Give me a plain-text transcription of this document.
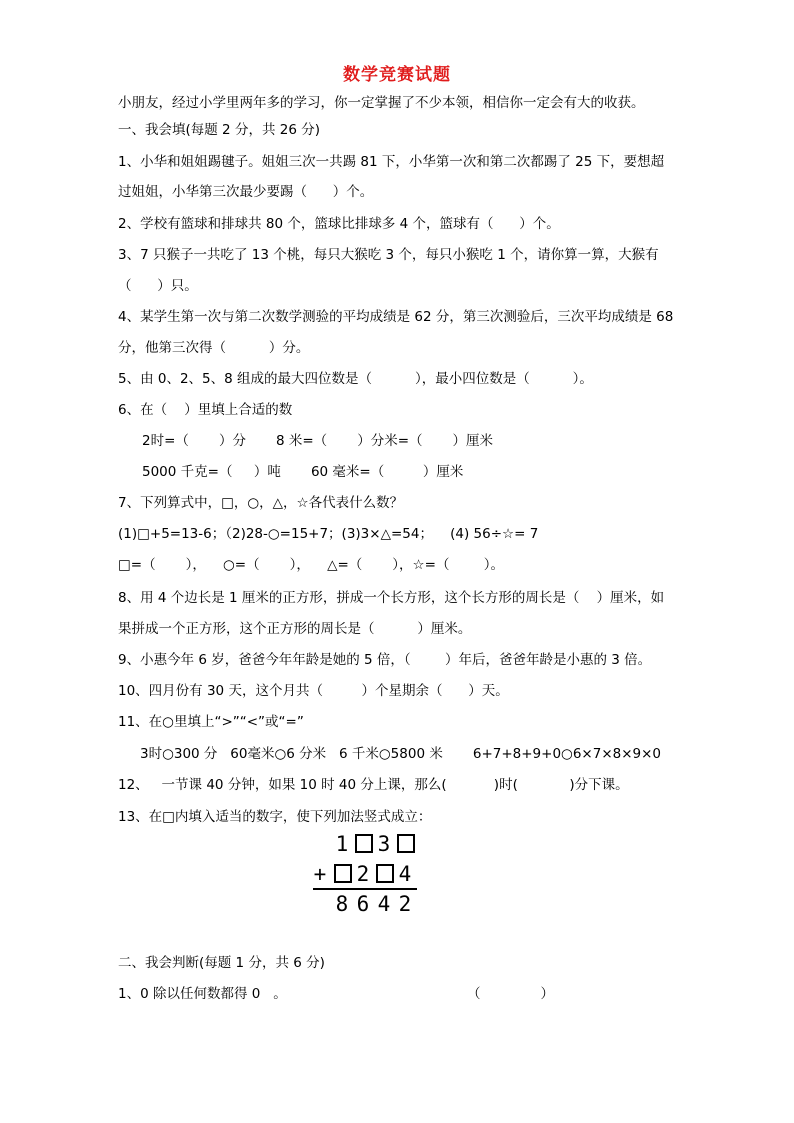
数学竞赛试题
小朋友，经过小学里两年多的学习，你一定掌握了不少本领，相信你一定会有大的收获。
一、我会填(每题 2 分，共 26 分)
1、小华和姐姐踢毽子。姐姐三次一共踢 81 下，小华第一次和第二次都踢了 25 下，要想超
过姐姐，小华第三次最少要踢（      ）个。
2、学校有篮球和排球共 80 个，篮球比排球多 4 个，篮球有（      ）个。
3、7 只猴子一共吃了 13 个桃，每只大猴吃 3 个，每只小猴吃 1 个，请你算一算，大猴有
（      ）只。
4、某学生第一次与第二次数学测验的平均成绩是 62 分，第三次测验后，三次平均成绩是 68
分，他第三次得（          ）分。
5、由 0、2、5、8 组成的最大四位数是（          ），最小四位数是（          ）。
6、在（    ）里填上合适的数
2时=（       ）分       8 米=（       ）分米=（       ）厘米
5000 千克=（     ）吨       60 毫米=（         ）厘米
7、下列算式中，□，○，△，☆各代表什么数？
(1)□+5=13-6；（2)28-○=15+7；(3)3×△=54；    (4) 56÷☆= 7
□=（       ），    ○=（       ），    △=（       ），☆=（        ）。
8、用 4 个边长是 1 厘米的正方形，拼成一个长方形，这个长方形的周长是（    ）厘米，如
果拼成一个正方形，这个正方形的周长是（          ）厘米。
9、小惠今年 6 岁，爸爸今年年龄是她的 5 倍，（        ）年后，爸爸年龄是小惠的 3 倍。
10、四月份有 30 天，这个月共（         ）个星期余（      ）天。
11、在○里填上“>”“<”或“=”
3时○300 分   60毫米○6 分米   6 千米○5800 米       6+7+8+9+0○6×7×8×9×0
12、   一节课 40 分钟，如果 10 时 40 分上课，那么(           )时(            )分下课。
13、在□内填入适当的数字，使下列加法竖式成立：
1 3
+ 2 4
8 6 4 2
二、我会判断(每题 1 分，共 6 分)
1、0 除以任何数都得 0   。                                          （              ）
